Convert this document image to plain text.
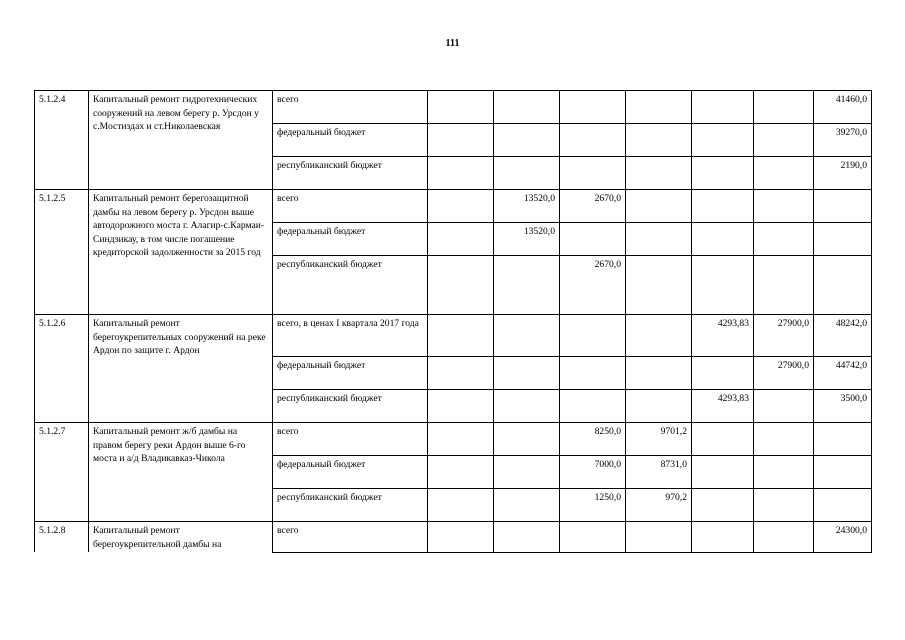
111
5.1.2.4	Капитальный ремонт гидротехнических сооружений на левом берегу р. Урсдон у с.Мостиздах и ст.Николаевская	всего							41460,0
		федеральный бюджет							39270,0
		республиканский бюджет							2190,0
5.1.2.5	Капитальный ремонт берегозащитной дамбы на левом берегу р. Урсдон выше автодорожного моста г. Алагир-с.Кармаи-Синдзикау, в том числе погашение кредиторской задолженности за 2015 год	всего		13520,0	2670,0				
		федеральный бюджет		13520,0					
		республиканский бюджет			2670,0				
5.1.2.6	Капитальный ремонт берегоукрепительных сооружений на реке Ардон по защите г. Ардон	всего, в ценах I квартала 2017 года					4293,83	27900,0	48242,0
		федеральный бюджет						27900,0	44742,0
		республиканский бюджет					4293,83		3500,0
5.1.2.7	Капитальный ремонт ж/б дамбы на правом берегу реки Ардон выше 6-го моста и а/д Владикавказ-Чикола	всего			8250,0	9701,2			
		федеральный бюджет			7000,0	8731,0			
		республиканский бюджет			1250,0	970,2			
5.1.2.8	Капитальный ремонт берегоукрепительной дамбы на	всего							24300,0
